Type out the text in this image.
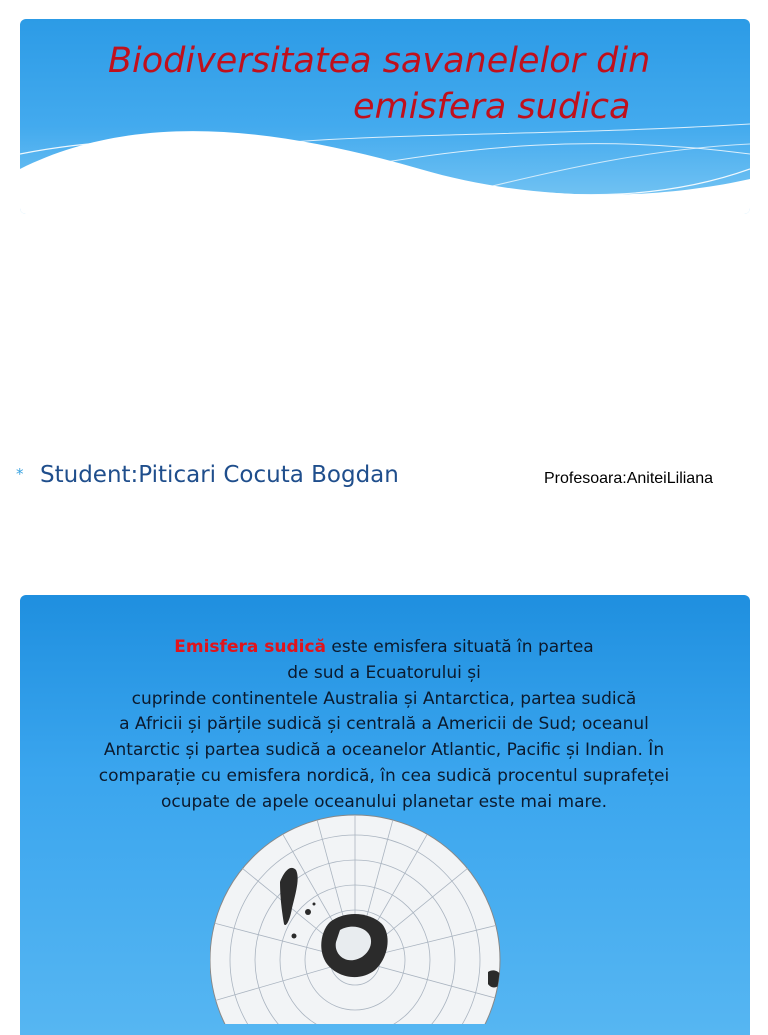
Biodiversitatea savanelelor din
emisfera sudica
* Student:Piticari Cocuta Bogdan	Profesoara:AniteiLiliana
Emisfera sudică este emisfera situată în partea
de sud a Ecuatorului și
cuprinde continentele Australia și Antarctica, partea sudică
a Africii și părțile sudică și centrală a Americii de Sud; oceanul
Antarctic și partea sudică a oceanelor Atlantic, Pacific și Indian. În
comparație cu emisfera nordică, în cea sudică procentul suprafeței
ocupate de apele oceanului planetar este mai mare.
